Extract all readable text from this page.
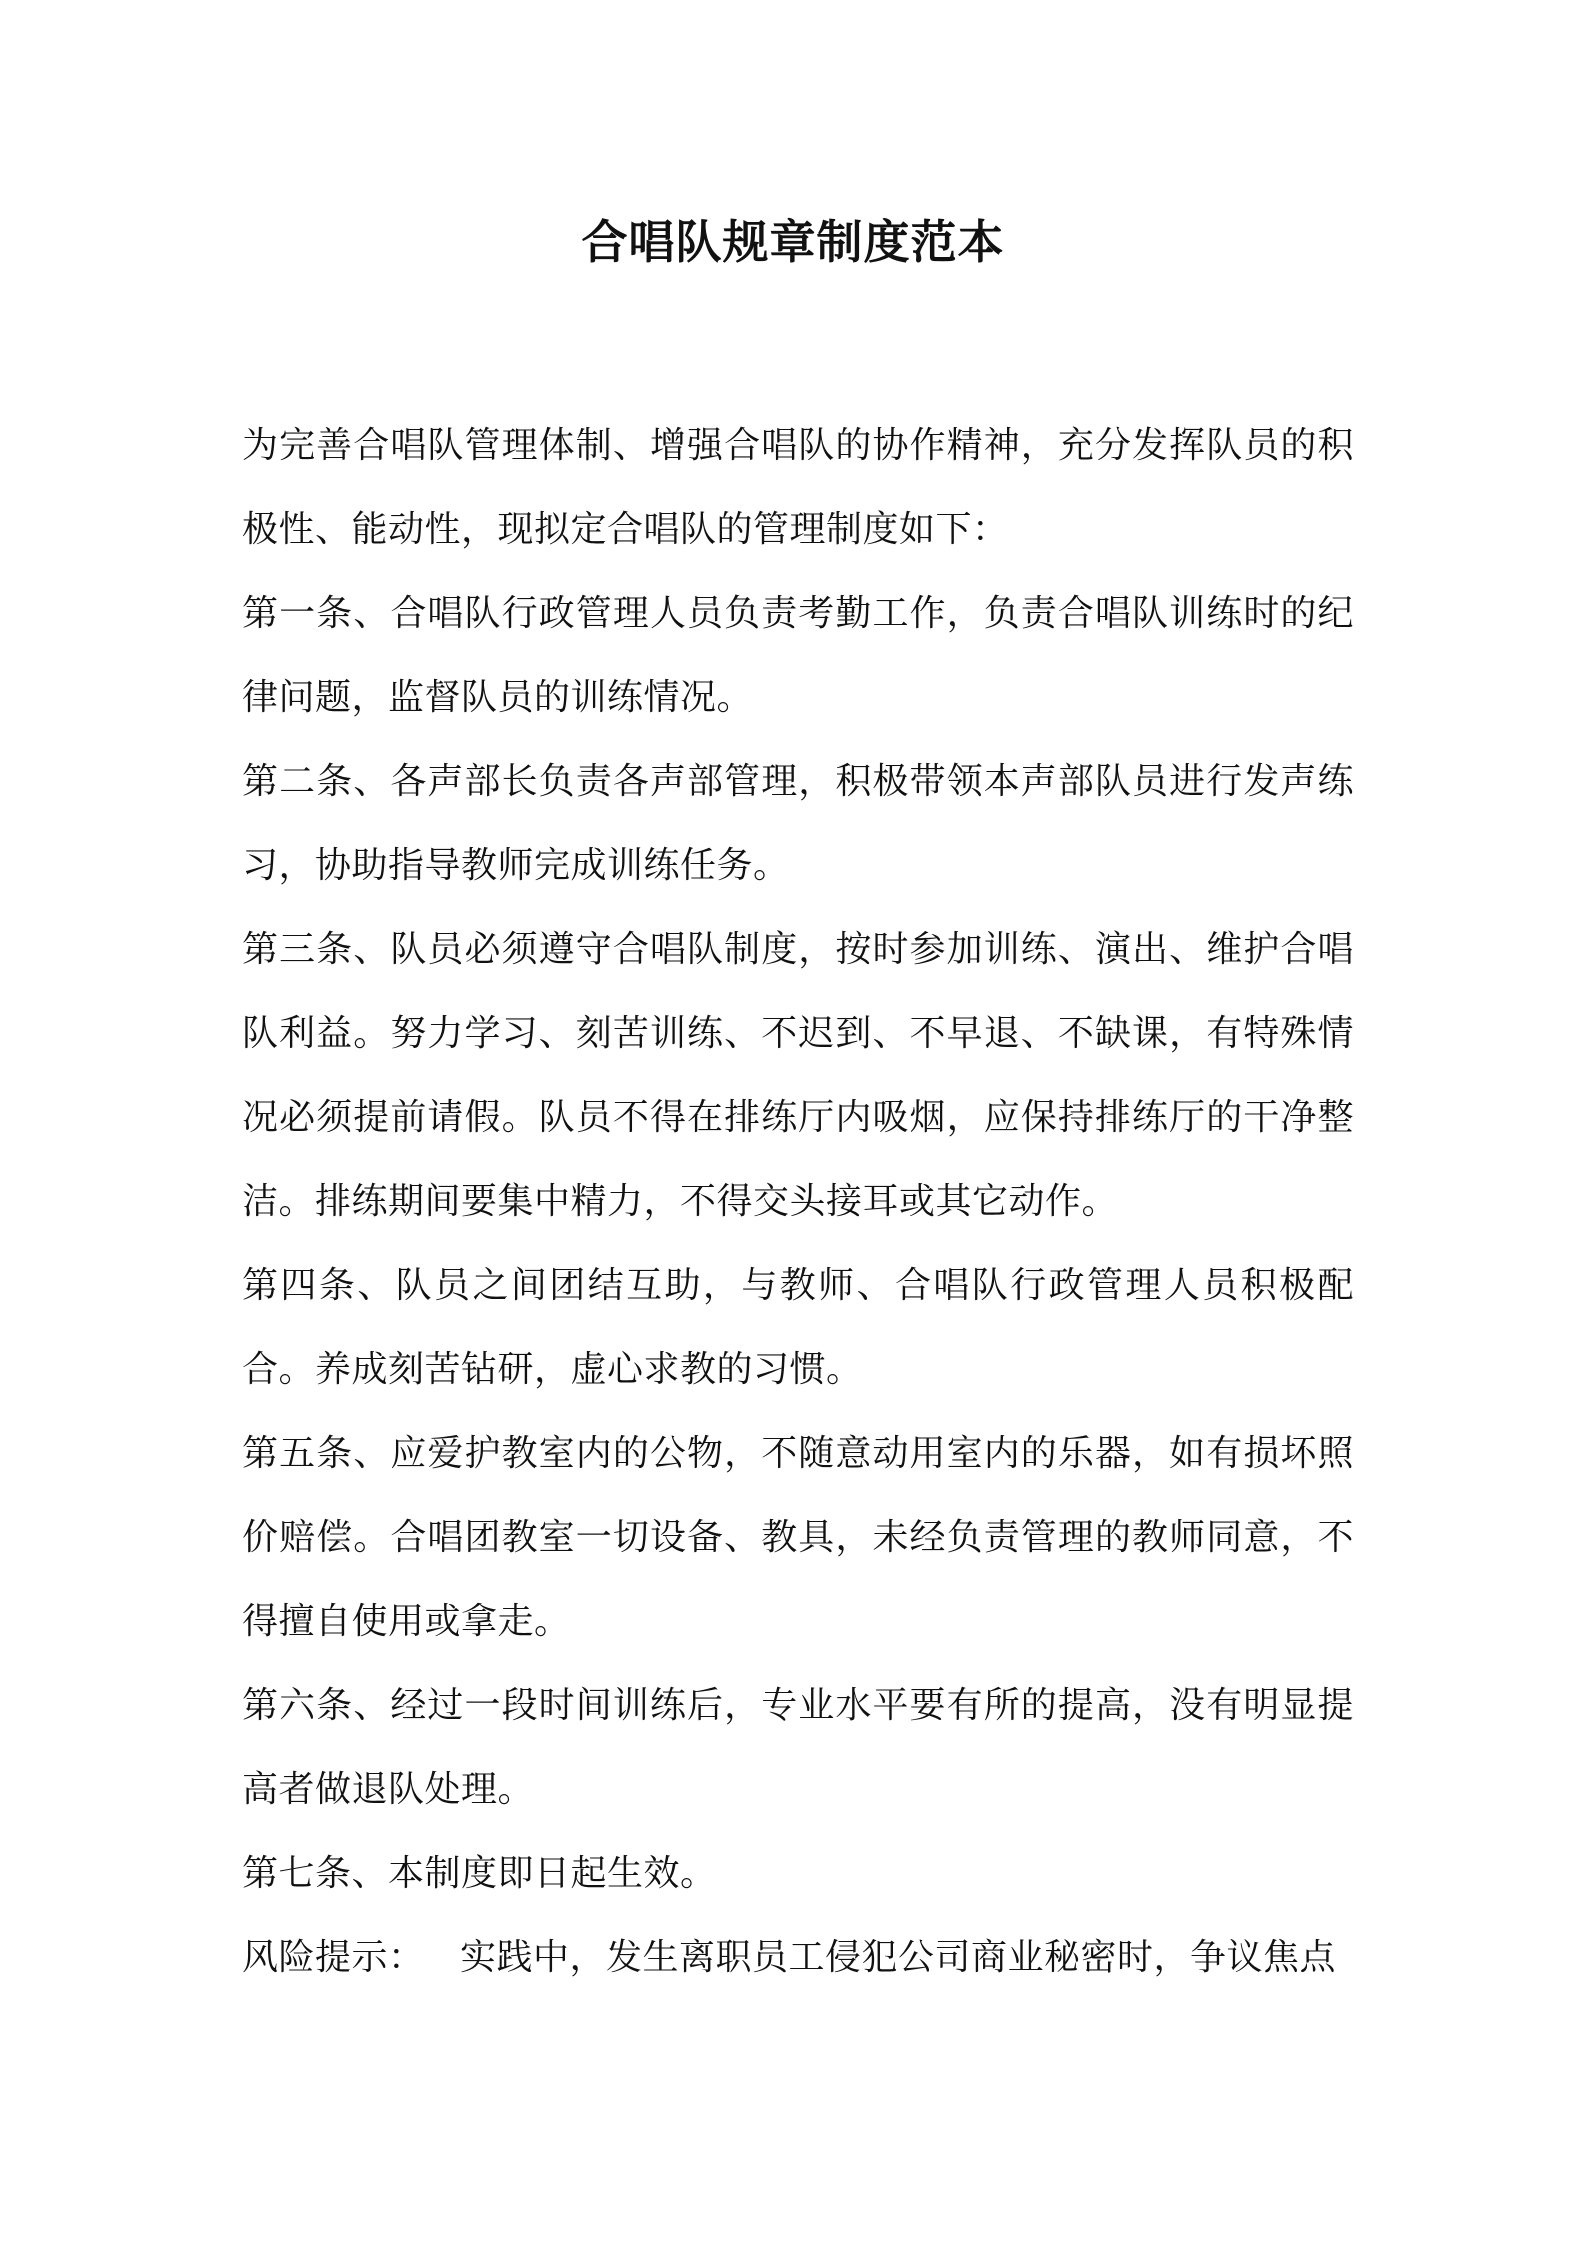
合唱队规章制度范本

为完善合唱队管理体制、增强合唱队的协作精神，充分发挥队员的积极性、能动性，现拟定合唱队的管理制度如下：

第一条、合唱队行政管理人员负责考勤工作，负责合唱队训练时的纪律问题，监督队员的训练情况。

第二条、各声部长负责各声部管理，积极带领本声部队员进行发声练习，协助指导教师完成训练任务。

第三条、队员必须遵守合唱队制度，按时参加训练、演出、维护合唱队利益。努力学习、刻苦训练、不迟到、不早退、不缺课，有特殊情况必须提前请假。队员不得在排练厅内吸烟，应保持排练厅的干净整洁。排练期间要集中精力，不得交头接耳或其它动作。

第四条、队员之间团结互助，与教师、合唱队行政管理人员积极配合。养成刻苦钻研，虚心求教的习惯。

第五条、应爱护教室内的公物，不随意动用室内的乐器，如有损坏照价赔偿。合唱团教室一切设备、教具，未经负责管理的教师同意，不得擅自使用或拿走。

第六条、经过一段时间训练后，专业水平要有所的提高，没有明显提高者做退队处理。

第七条、本制度即日起生效。

风险提示： 实践中，发生离职员工侵犯公司商业秘密时，争议焦点
